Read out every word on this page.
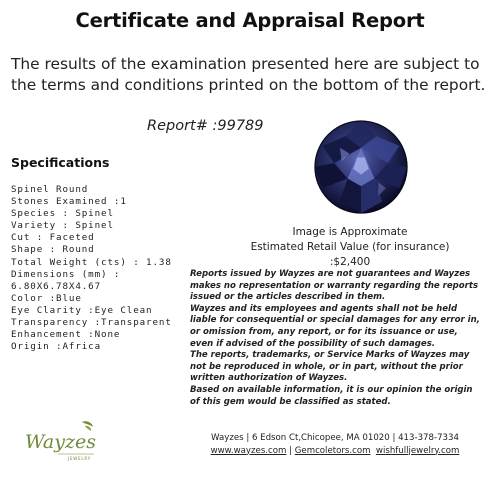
Certificate and Appraisal Report
The results of the examination presented here are subject to the terms and conditions printed on the bottom of the report.
Report# :99789
Specifications
Spinel Round
Stones Examined :1
Species : Spinel
Variety : Spinel
Cut : Faceted
Shape : Round
Total Weight (cts) : 1.38
Dimensions (mm) :
6.80X6.78X4.67
Color :Blue
Eye Clarity :Eye Clean
Transparency :Transparent
Enhancement :None
Origin :Africa
Image is Approximate
Estimated Retail Value (for insurance) :$2,400

Reports issued by Wayzes are not guarantees and Wayzes makes no representation or warranty regarding the reports issued or the articles described in them.

Wayzes and its employees and agents shall not be held liable for consequential or special damages for any error in, or omission from, any report, or for its issuance or use, even if advised of the possibility of such damages.

The reports, trademarks, or Service Marks of Wayzes may not be reproduced in whole, or in part, without the prior written authorization of Wayzes.

Based on available information, it is our opinion the origin of this gem would be classified as stated.

Wayzes
JEWELRY
Wayzes | 6 Edson Ct,Chicopee, MA 01020 | 413-378-7334
www.wayzes.com | Gemcoletors.com wishfulljewelry.com
